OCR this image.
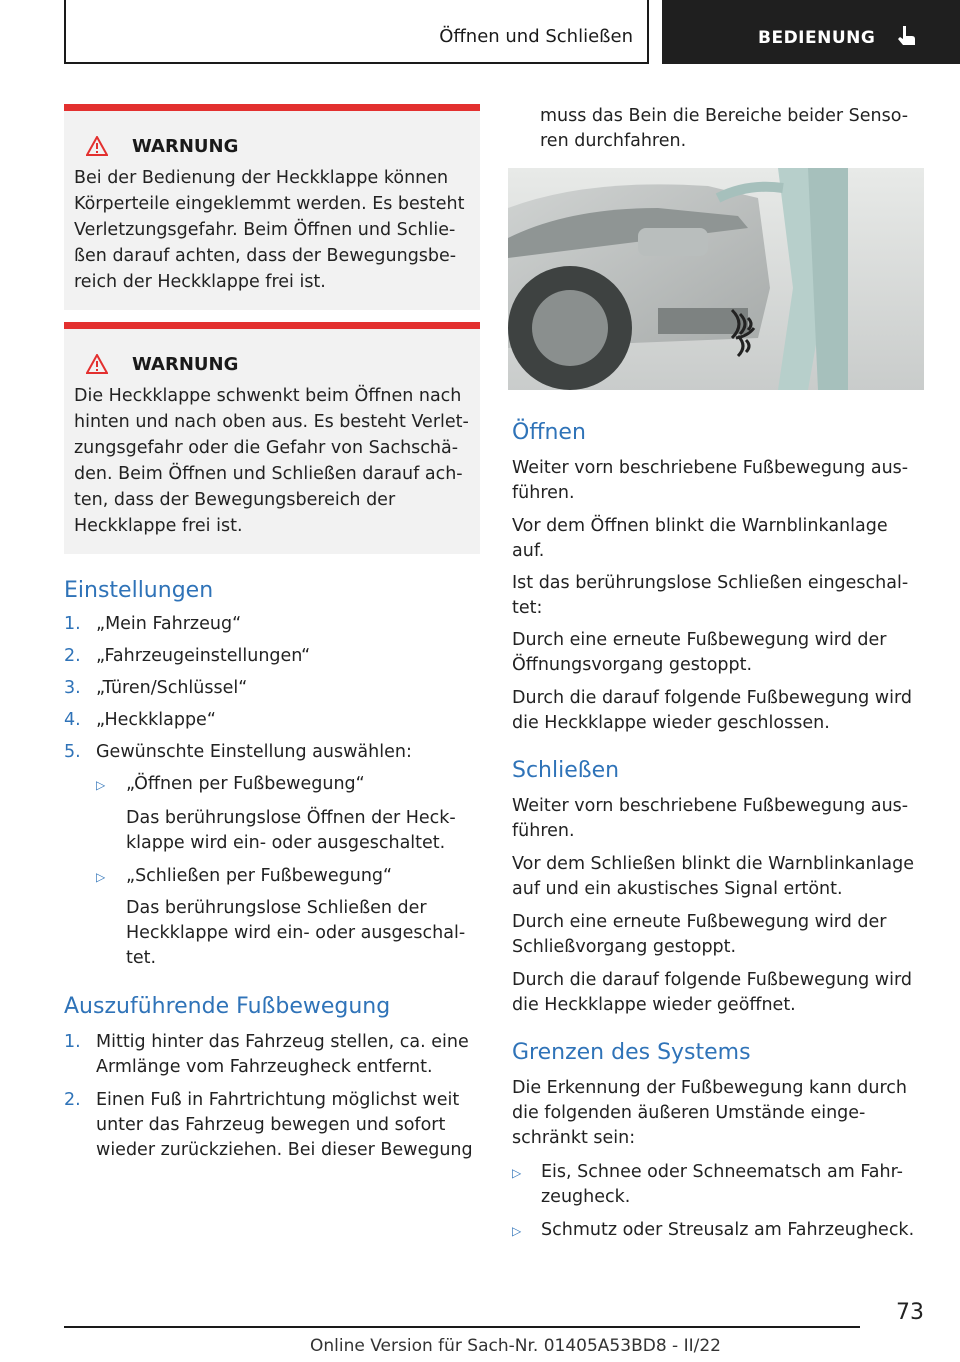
Öffnen und Schließen	BEDIENUNG
WARNUNG
Bei der Bedienung der Heckklappe können
Körperteile eingeklemmt werden. Es besteht
Verletzungsgefahr. Beim Öffnen und Schlie-
ßen darauf achten, dass der Bewegungsbe-
reich der Heckklappe frei ist.
WARNUNG
Die Heckklappe schwenkt beim Öffnen nach
hinten und nach oben aus. Es besteht Verlet-
zungsgefahr oder die Gefahr von Sachschä-
den. Beim Öffnen und Schließen darauf ach-
ten, dass der Bewegungsbereich der
Heckklappe frei ist.
Einstellungen
1. „Mein Fahrzeug“
2. „Fahrzeugeinstellungen“
3. „Türen/Schlüssel“
4. „Heckklappe“
5. Gewünschte Einstellung auswählen:
▷ „Öffnen per Fußbewegung“
Das berührungslose Öffnen der Heck-
klappe wird ein- oder ausgeschaltet.
▷ „Schließen per Fußbewegung“
Das berührungslose Schließen der
Heckklappe wird ein- oder ausgeschal-
tet.
Auszuführende Fußbewegung
1. Mittig hinter das Fahrzeug stellen, ca. eine
Armlänge vom Fahrzeugheck entfernt.
2. Einen Fuß in Fahrtrichtung möglichst weit
unter das Fahrzeug bewegen und sofort
wieder zurückziehen. Bei dieser Bewegung
muss das Bein die Bereiche beider Senso-
ren durchfahren.
Öffnen
Weiter vorn beschriebene Fußbewegung aus-
führen.
Vor dem Öffnen blinkt die Warnblinkanlage
auf.
Ist das berührungslose Schließen eingeschal-
tet:
Durch eine erneute Fußbewegung wird der
Öffnungsvorgang gestoppt.
Durch die darauf folgende Fußbewegung wird
die Heckklappe wieder geschlossen.
Schließen
Weiter vorn beschriebene Fußbewegung aus-
führen.
Vor dem Schließen blinkt die Warnblinkanlage
auf und ein akustisches Signal ertönt.
Durch eine erneute Fußbewegung wird der
Schließvorgang gestoppt.
Durch die darauf folgende Fußbewegung wird
die Heckklappe wieder geöffnet.
Grenzen des Systems
Die Erkennung der Fußbewegung kann durch
die folgenden äußeren Umstände einge-
schränkt sein:
▷ Eis, Schnee oder Schneematsch am Fahr-
zeugheck.
▷ Schmutz oder Streusalz am Fahrzeugheck.
73
Online Version für Sach-Nr. 01405A53BD8 - II/22
